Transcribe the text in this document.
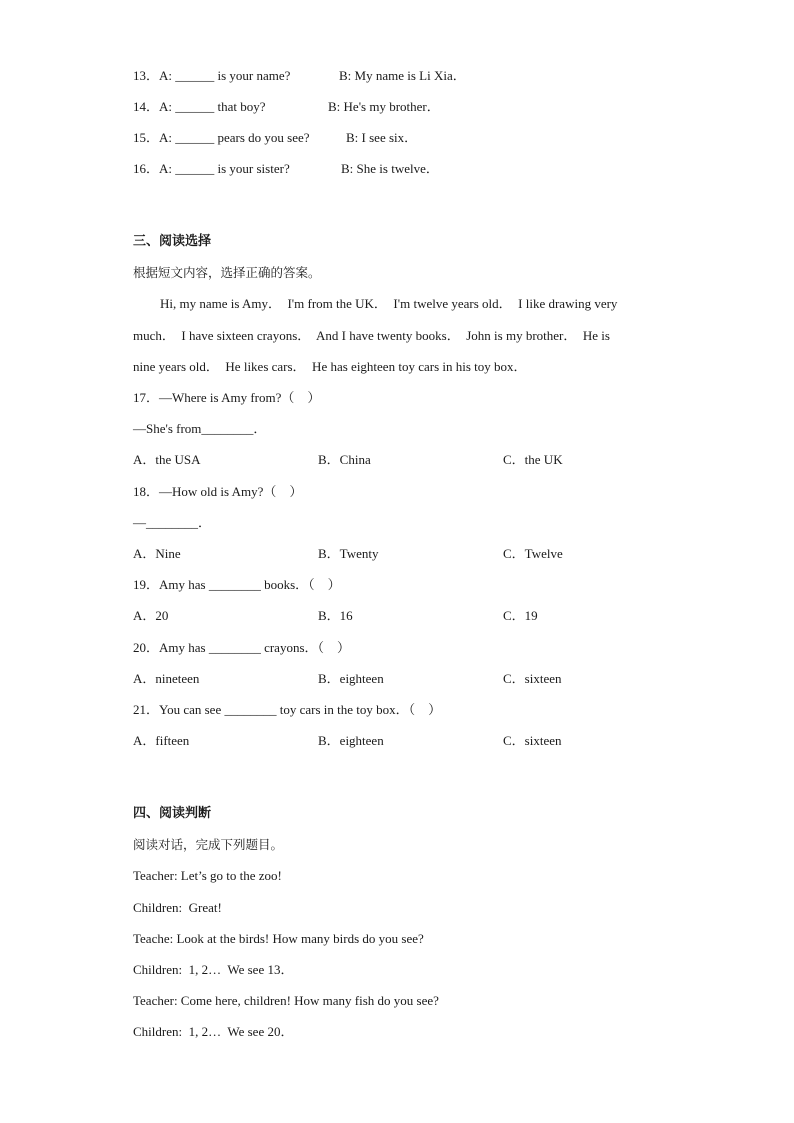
13．A: ______ is your name?

	B: My name is Li Xia．

14．A: ______ that boy?

	B: He's my brother．

15．A: ______ pears do you see?

	B: I see six．

16．A: ______ is your sister?

	B: She is twelve．

三、阅读选择
根据短文内容，选择正确的答案。
Hi, my name is Amy．  I'm from the UK．  I'm twelve years old．  I like drawing very
much．  I have sixteen crayons．  And I have twenty books．  John is my brother．  He is
nine years old．  He likes cars．  He has eighteen toy cars in his toy box．
17．—Where is Amy from?（    ）
—She's from________．
A．the USA	B．China	C．the UK
18．—How old is Amy?（    ）
—________．
A．Nine	B．Twenty	C．Twelve
19．Amy has ________ books．（    ）
A．20	B．16	C．19
20．Amy has ________ crayons．（    ）
A．nineteen	B．eighteen	C．sixteen
21．You can see ________ toy cars in the toy box．（    ）
A．fifteen	B．eighteen	C．sixteen
四、阅读判断
阅读对话，完成下列题目。
Teacher: Let’s go to the zoo!
Children:  Great!
Teache: Look at the birds! How many birds do you see?
Children:  1, 2…  We see 13．
Teacher: Come here, children! How many fish do you see?
Children:  1, 2…  We see 20．
